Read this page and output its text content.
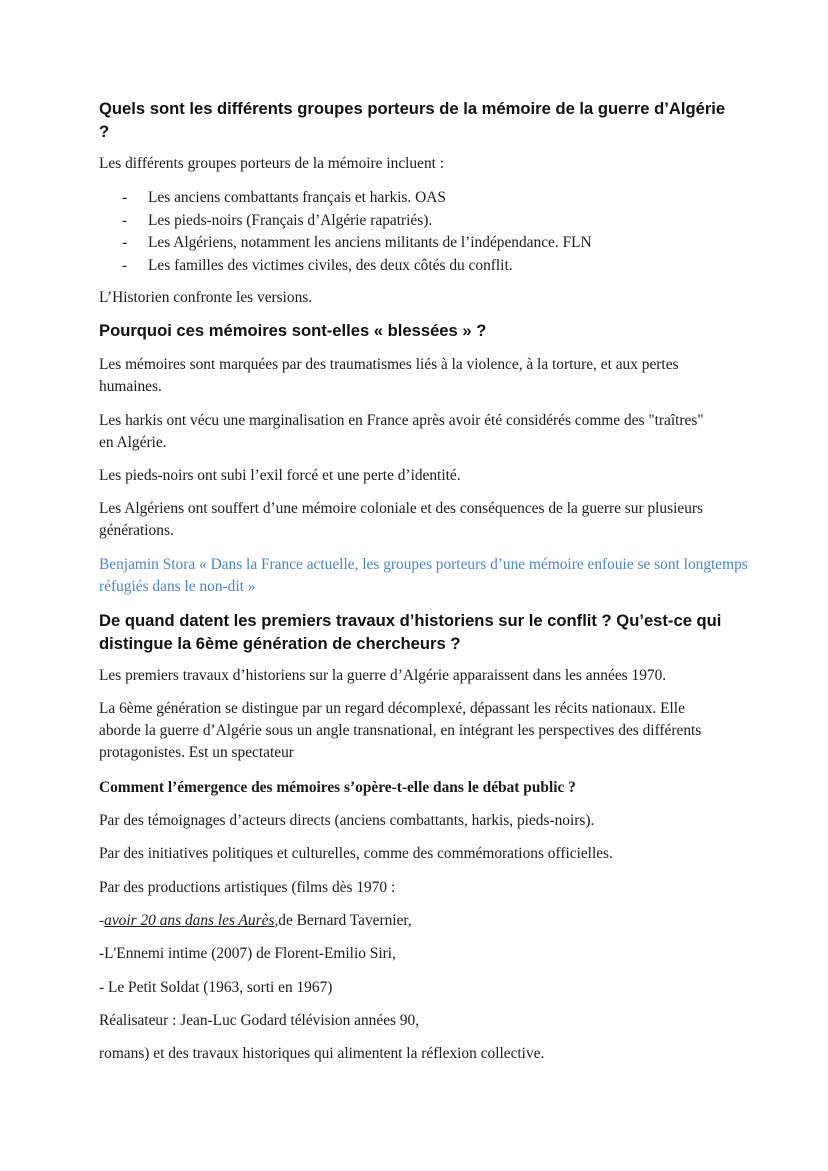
Quels sont les différents groupes porteurs de la mémoire de la guerre d’Algérie ?

Les différents groupes porteurs de la mémoire incluent :

- Les anciens combattants français et harkis. OAS
- Les pieds-noirs (Français d’Algérie rapatriés).
- Les Algériens, notamment les anciens militants de l’indépendance. FLN
- Les familles des victimes civiles, des deux côtés du conflit.

L’Historien confronte les versions.

Pourquoi ces mémoires sont-elles « blessées » ?

Les mémoires sont marquées par des traumatismes liés à la violence, à la torture, et aux pertes humaines.

Les harkis ont vécu une marginalisation en France après avoir été considérés comme des "traîtres" en Algérie.

Les pieds-noirs ont subi l’exil forcé et une perte d’identité.

Les Algériens ont souffert d’une mémoire coloniale et des conséquences de la guerre sur plusieurs générations.

Benjamin Stora « Dans la France actuelle, les groupes porteurs d’une mémoire enfouie se sont longtemps réfugiés dans le non-dit »

De quand datent les premiers travaux d’historiens sur le conflit ? Qu’est-ce qui distingue la 6ème génération de chercheurs ?

Les premiers travaux d’historiens sur la guerre d’Algérie apparaissent dans les années 1970.

La 6ème génération se distingue par un regard décomplexé, dépassant les récits nationaux. Elle aborde la guerre d’Algérie sous un angle transnational, en intégrant les perspectives des différents protagonistes. Est un spectateur

Comment l’émergence des mémoires s’opère-t-elle dans le débat public ?

Par des témoignages d’acteurs directs (anciens combattants, harkis, pieds-noirs).

Par des initiatives politiques et culturelles, comme des commémorations officielles.

Par des productions artistiques (films dès 1970 :

-avoir 20 ans dans les Aurès,de Bernard Tavernier,

-L'Ennemi intime (2007) de Florent-Emilio Siri,

- Le Petit Soldat (1963, sorti en 1967)

Réalisateur : Jean-Luc Godard télévision années 90,

romans) et des travaux historiques qui alimentent la réflexion collective.
